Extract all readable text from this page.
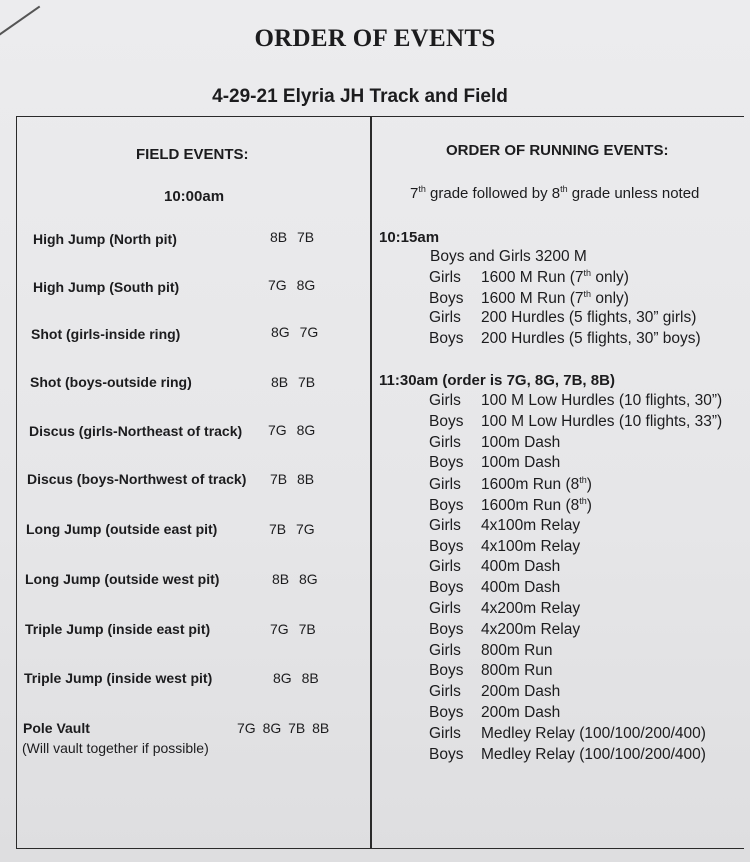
ORDER OF EVENTS
4-29-21 Elyria JH Track and Field
FIELD EVENTS:
10:00am
High Jump (North pit)	8B 7B
High Jump (South pit)	7G 8G
Shot (girls-inside ring)	8G 7G
Shot (boys-outside ring)	8B 7B
Discus (girls-Northeast of track) 7G 8G
Discus (boys-Northwest of track) 7B 8B
Long Jump (outside east pit)	7B 7G
Long Jump (outside west pit)	8B 8G
Triple Jump (inside east pit)	7G 7B
Triple Jump (inside west pit)	8G 8B
Pole Vault	7G 8G 7B 8B
(Will vault together if possible)
ORDER OF RUNNING EVENTS:
7th grade followed by 8th grade unless noted
10:15am
Boys and Girls 3200 M
Girls 1600 M Run (7th only)
Boys 1600 M Run (7th only)
Girls 200 Hurdles (5 flights, 30” girls)
Boys 200 Hurdles (5 flights, 30” boys)
11:30am (order is 7G, 8G, 7B, 8B)
Girls 100 M Low Hurdles (10 flights, 30”)
Boys 100 M Low Hurdles (10 flights, 33”)
Girls 100m Dash
Boys 100m Dash
Girls 1600m Run (8th)
Boys 1600m Run (8th)
Girls 4x100m Relay
Boys 4x100m Relay
Girls 400m Dash
Boys 400m Dash
Girls 4x200m Relay
Boys 4x200m Relay
Girls 800m Run
Boys 800m Run
Girls 200m Dash
Boys 200m Dash
Girls Medley Relay (100/100/200/400)
Boys Medley Relay (100/100/200/400)
